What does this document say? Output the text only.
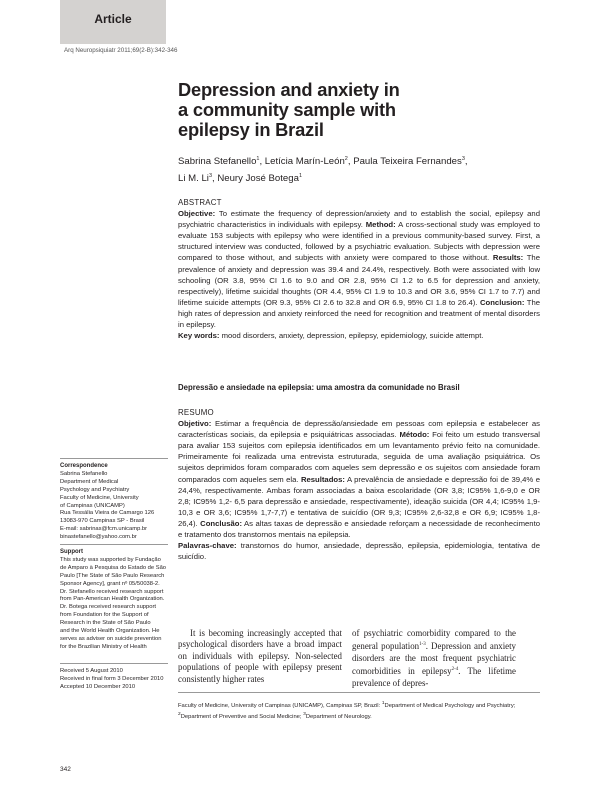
Article
Arq Neuropsiquiatr 2011;69(2-B):342-346
Depression and anxiety in
a community sample with
epilepsy in Brazil
Sabrina Stefanello$^1$, Letícia Marín-León$^2$, Paula Teixeira Fernandes$^3$,
Li M. Li$^3$, Neury José Botega$^1$
ABSTRACT
Objective: To estimate the frequency of depression/anxiety and to establish the social, epilepsy and psychiatric characteristics in individuals with epilepsy. Method: A cross-sectional study was employed to evaluate 153 subjects with epilepsy who were identified in a previous community-based survey. First, a structured interview was conducted, followed by a psychiatric evaluation. Subjects with depression were compared to those without, and subjects with anxiety were compared to those without. Results: The prevalence of anxiety and depression was 39.4 and 24.4%, respectively. Both were associated with low schooling (OR 3.8, 95% CI 1.6 to 9.0 and OR 2.8, 95% CI 1.2 to 6.5 for depression and anxiety, respectively), lifetime suicidal thoughts (OR 4.4, 95% CI 1.9 to 10.3 and OR 3.6, 95% CI 1.7 to 7.7) and lifetime suicide attempts (OR 9.3, 95% CI 2.6 to 32.8 and OR 6.9, 95% CI 1.8 to 26.4). Conclusion: The high rates of depression and anxiety reinforced the need for recognition and treatment of mental disorders in epilepsy.
Key words: mood disorders, anxiety, depression, epilepsy, epidemiology, suicide attempt.
Depressão e ansiedade na epilepsia: uma amostra da comunidade no Brasil
RESUMO
Objetivo: Estimar a frequência de depressão/ansiedade em pessoas com epilepsia e estabelecer as características sociais, da epilepsia e psiquiátricas associadas. Método: Foi feito um estudo transversal para avaliar 153 sujeitos com epilepsia identificados em um levantamento prévio feito na comunidade. Primeiramente foi realizada uma entrevista estruturada, seguida de uma avaliação psiquiátrica. Os sujeitos deprimidos foram comparados com aqueles sem depressão e os sujeitos com ansiedade foram comparados com aqueles sem ela. Resultados: A prevalência de ansiedade e depressão foi de 39,4% e 24,4%, respectivamente. Ambas foram associadas a baixa escolaridade (OR 3,8; IC95% 1,6-9,0 e OR 2,8; IC95% 1,2- 6,5 para depressão e ansiedade, respectivamente), ideação suicida (OR 4,4; IC95% 1,9-10,3 e OR 3,6; IC95% 1,7-7,7) e tentativa de suicídio (OR 9,3; IC95% 2,6-32,8 e OR 6,9; IC95% 1,8-26,4). Conclusão: As altas taxas de depressão e ansiedade reforçam a necessidade de reconhecimento e tratamento dos transtornos mentais na epilepsia.
Palavras-chave: transtornos do humor, ansiedade, depressão, epilepsia, epidemiologia, tentativa de suicídio.
Correspondence
Sabrina Stefanello
Department of Medical
Psychology and Psychiatry
Faculty of Medicine, University
of Campinas (UNICAMP)
Rua Tessália Vieira de Camargo 126
13083-970 Campinas SP - Brasil
E-mail: sabrinas@fcm.unicamp.br
binastefanello@yahoo.com.br
Support
This study was supported by Fundação
de Amparo à Pesquisa do Estado de São
Paulo [The State of São Paulo Research
Sponsor Agency], grant nº 05/50038-2.
Dr. Stefanello received research support
from Pan-American Health Organization.
Dr. Botega received research support
from Foundation for the Support of
Research in the State of São Paulo
and the World Health Organization. He
serves as adviser on suicide prevention
for the Brazilian Ministry of Health
Received 5 August 2010
Received in final form 3 December 2010
Accepted 10 December 2010
It is becoming increasingly accepted that psychological disorders have a broad impact on individuals with epilepsy. Non-selected populations of people with epilepsy present consistently higher rates
of psychiatric comorbidity compared to the general population$^{1-3}$. Depression and anxiety disorders are the most frequent psychiatric comorbidities in epilepsy$^{2-4}$. The lifetime prevalence of depres-
Faculty of Medicine, University of Campinas (UNICAMP), Campinas SP, Brazil: $^1$Department of Medical Psychology and Psychiatry; $^2$Department of Preventive and Social Medicine; $^3$Department of Neurology.
342
